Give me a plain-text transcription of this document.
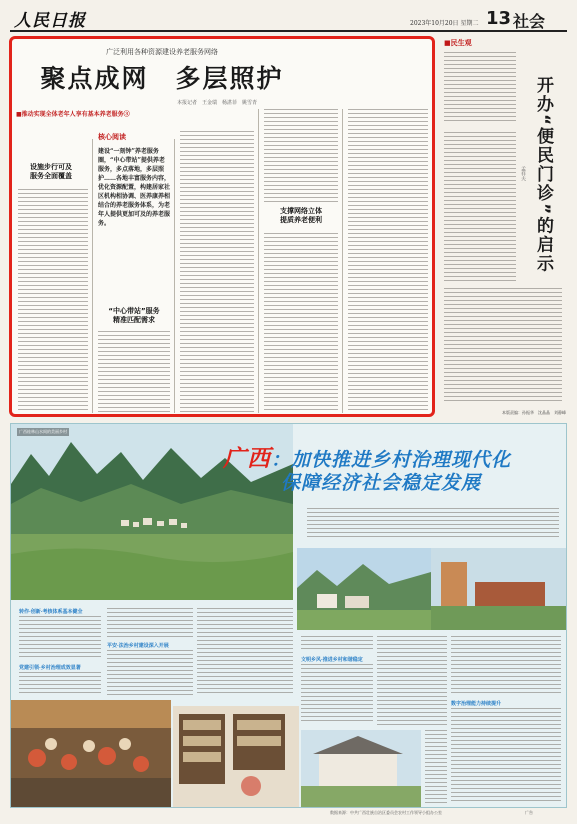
人民日报	2023年10月20日 星期二 13 社会
广泛利用各种资源建设养老服务网络
聚点成网　多层照护
本报记者　王金瑞　杨湛菲　姚雪青
■推动实现全体老年人享有基本养老服务③
设施步行可及
服务全面覆盖
核心阅读
建设“一刻钟”养老服务圈，“中心带站”提供养老服务，多点落地，多层照护……各地丰富服务内容，优化资源配置，构建居家社区机构相协调、医养康养相结合的养老服务体系，为老年人提供更加可及的养老服务。
“中心带站”服务
精准匹配需求
支撑网络立体
提质养老便利
■民生观
开办“便民门诊”的启示
孟祥夫
本版责编：孙振华　沈晶晶　刘静峰
广西桂林山水间的美丽乡村
广西：加快推进乡村治理现代化
保障经济社会稳定发展
转作·创新·考核体系基本健全
党建引领·乡村治理成效显著
平安·法治乡村建设深入开展
文明乡风·推进乡村和谐稳定
数字治理能力持续提升
数据来源：中共广西壮族自治区委员会农村工作领导小组办公室	广告
